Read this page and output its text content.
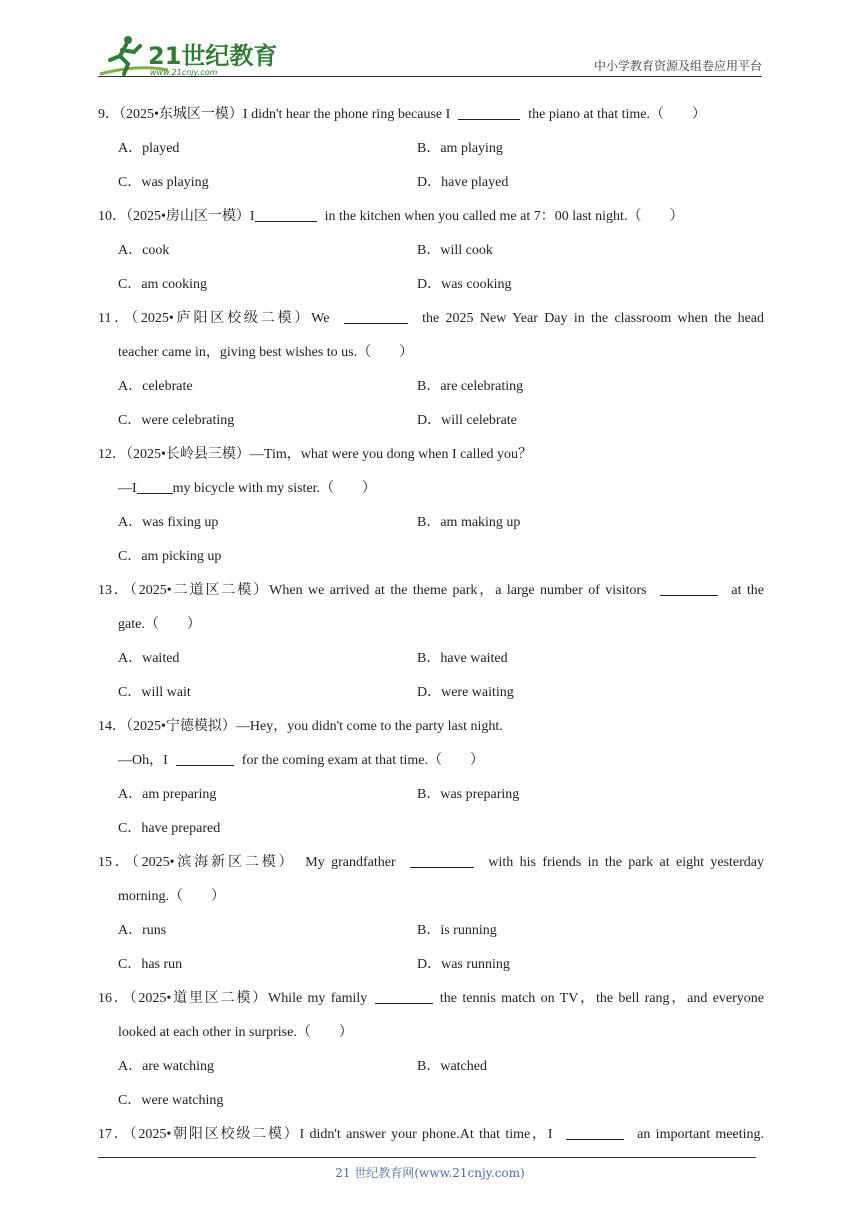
21世纪教育
www.21cnjy.com	中小学教育资源及组卷应用平台
9．（2025•东城区一模）I didn't hear the phone ring because I	the piano at that time.（　　）
A．played	B．am playing
C．was playing	D．have played
10．（2025•房山区一模）I	in the kitchen when you called me at 7：00 last night.（　　）
A．cook	B．will cook
C．am cooking	D．was cooking
11．（2025•庐阳区校级二模）We	the 2025 New Year Day in the classroom when the head
teacher came in，giving best wishes to us.（　　）
A．celebrate	B．are celebrating
C．were celebrating	D．will celebrate
12．（2025•长岭县三模）—Tim，what were you dong when I called you？
—I	my bicycle with my sister.（　　）
A．was fixing up	B．am making up
C．am picking up
13．（2025•二道区二模）When we arrived at the theme park，a large number of visitors	at the
gate.（　　）
A．waited	B．have waited
C．will wait	D．were waiting
14．（2025•宁德模拟）—Hey，you didn't come to the party last night.
—Oh，I	for the coming exam at that time.（　　）
A．am preparing	B．was preparing
C．have prepared
15．（2025•滨海新区二模）　My grandfather	with his friends in the park at eight yesterday
morning.（　　）
A．runs	B．is running
C．has run	D．was running
16．（2025•道里区二模）While my family	the tennis match on TV，the bell rang，and everyone
looked at each other in surprise.（　　）
A．are watching	B．watched
C．were watching
17．（2025•朝阳区校级二模）I didn't answer your phone.At that time，I	an important meeting.
21 世纪教育网(www.21cnjy.com)
